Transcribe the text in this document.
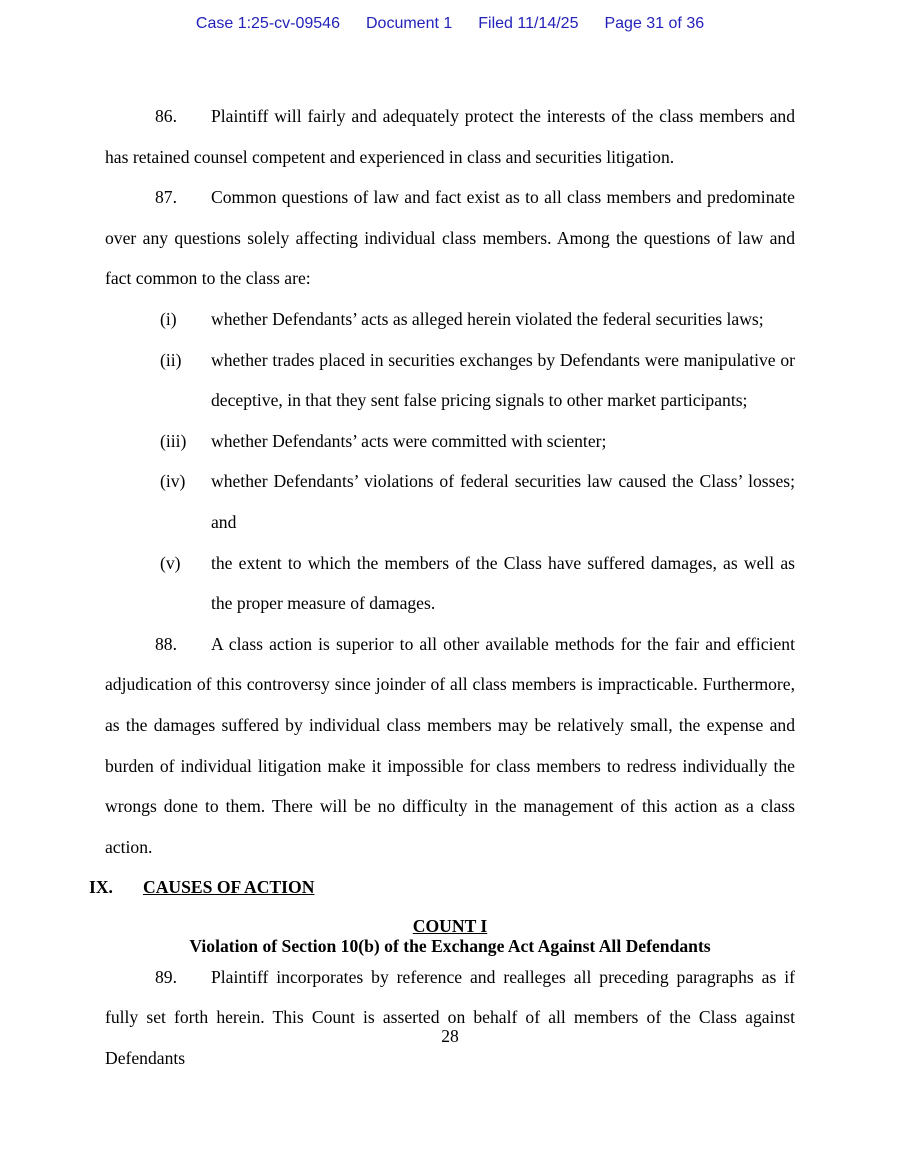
Case 1:25-cv-09546 Document 1 Filed 11/14/25 Page 31 of 36

86. Plaintiff will fairly and adequately protect the interests of the class members and has retained counsel competent and experienced in class and securities litigation.

87. Common questions of law and fact exist as to all class members and predominate over any questions solely affecting individual class members. Among the questions of law and fact common to the class are:

(i) whether Defendants’ acts as alleged herein violated the federal securities laws;
(ii) whether trades placed in securities exchanges by Defendants were manipulative or deceptive, in that they sent false pricing signals to other market participants;
(iii) whether Defendants’ acts were committed with scienter;
(iv) whether Defendants’ violations of federal securities law caused the Class’ losses; and
(v) the extent to which the members of the Class have suffered damages, as well as the proper measure of damages.

88. A class action is superior to all other available methods for the fair and efficient adjudication of this controversy since joinder of all class members is impracticable. Furthermore, as the damages suffered by individual class members may be relatively small, the expense and burden of individual litigation make it impossible for class members to redress individually the wrongs done to them. There will be no difficulty in the management of this action as a class action.

IX. CAUSES OF ACTION
COUNT I
Violation of Section 10(b) of the Exchange Act Against All Defendants

89. Plaintiff incorporates by reference and realleges all preceding paragraphs as if fully set forth herein. This Count is asserted on behalf of all members of the Class against Defendants

28
